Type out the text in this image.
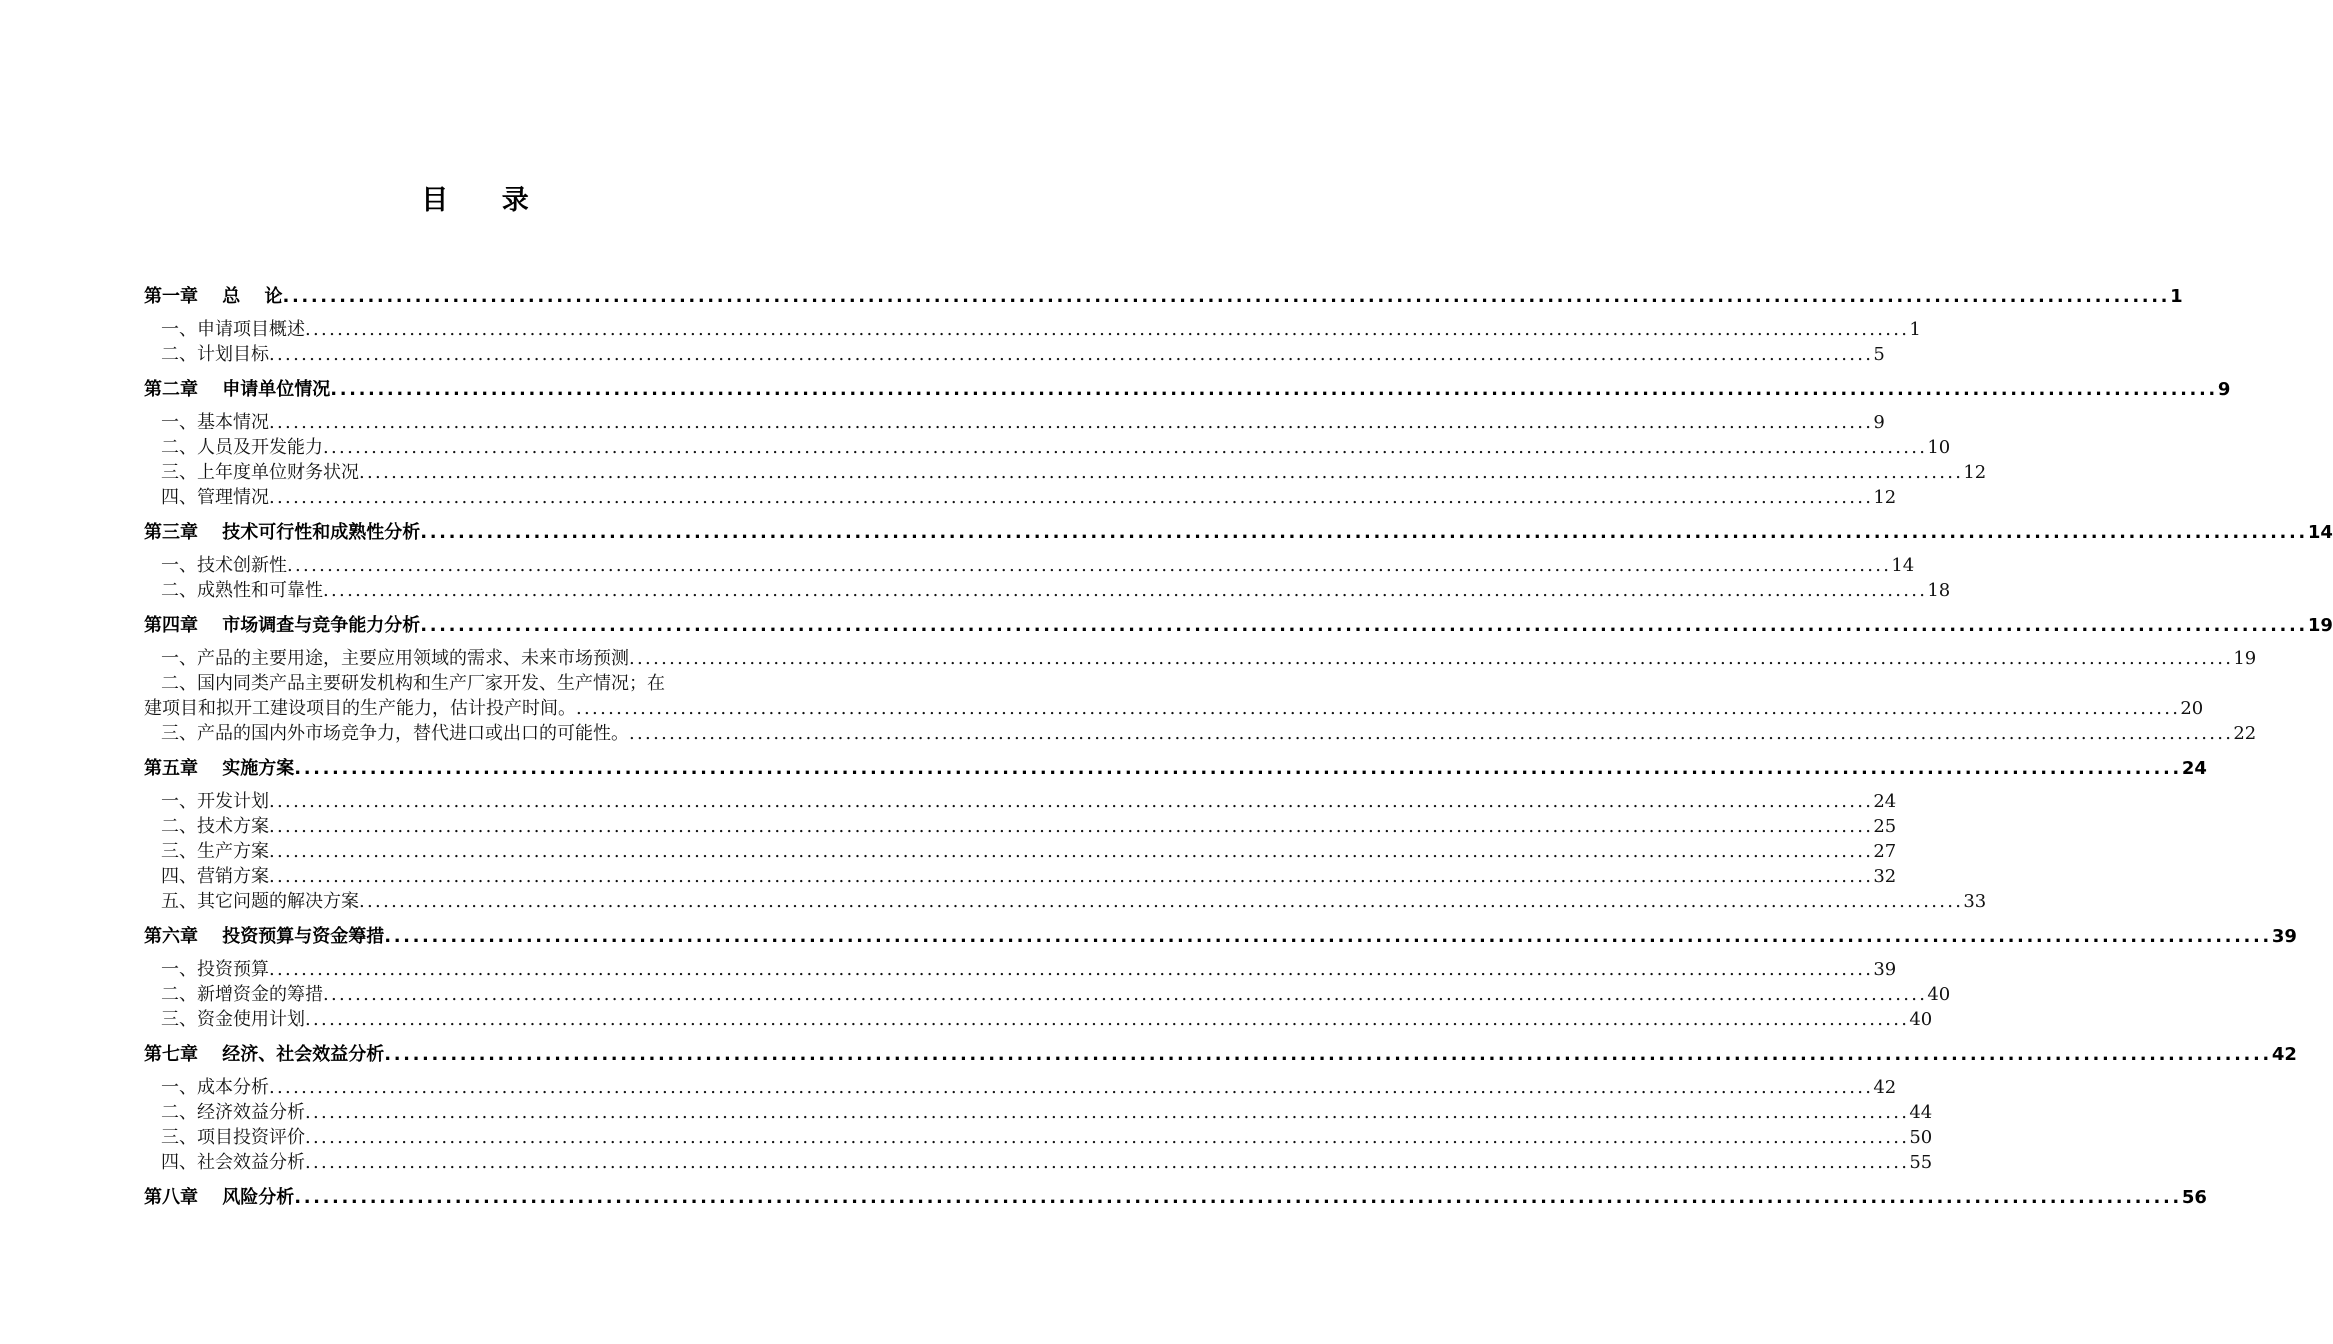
目 录
第一章　 总　 论 ........................................................................................................................................................................................................ 1
一、申请项目概述 ........................................................................................................................................................................................................ 1
二、计划目标 ........................................................................................................................................................................................................ 5
第二章　 申请单位情况 ........................................................................................................................................................................................................ 9
一、基本情况 ........................................................................................................................................................................................................ 9
二、人员及开发能力 ........................................................................................................................................................................................................ 10
三、上年度单位财务状况 ........................................................................................................................................................................................................ 12
四、管理情况 ........................................................................................................................................................................................................ 12
第三章　 技术可行性和成熟性分析 ........................................................................................................................................................................................................ 14
一、技术创新性 ........................................................................................................................................................................................................ 14
二、成熟性和可靠性 ........................................................................................................................................................................................................ 18
第四章　 市场调查与竞争能力分析 ........................................................................................................................................................................................................ 19
一、产品的主要用途，主要应用领域的需求、未来市场预测 ........................................................................................................................................................................................................ 19
二、国内同类产品主要研发机构和生产厂家开发、生产情况；在
建项目和拟开工建设项目的生产能力，估计投产时间。 ........................................................................................................................................................................................................ 20
三、产品的国内外市场竞争力，替代进口或出口的可能性。 ........................................................................................................................................................................................................ 22
第五章　 实施方案 ........................................................................................................................................................................................................ 24
一、开发计划 ........................................................................................................................................................................................................ 24
二、技术方案 ........................................................................................................................................................................................................ 25
三、生产方案 ........................................................................................................................................................................................................ 27
四、营销方案 ........................................................................................................................................................................................................ 32
五、其它问题的解决方案 ........................................................................................................................................................................................................ 33
第六章　 投资预算与资金筹措 ........................................................................................................................................................................................................ 39
一、投资预算 ........................................................................................................................................................................................................ 39
二、新增资金的筹措 ........................................................................................................................................................................................................ 40
三、资金使用计划 ........................................................................................................................................................................................................ 40
第七章　 经济、社会效益分析 ........................................................................................................................................................................................................ 42
一、成本分析 ........................................................................................................................................................................................................ 42
二、经济效益分析 ........................................................................................................................................................................................................ 44
三、项目投资评价 ........................................................................................................................................................................................................ 50
四、社会效益分析 ........................................................................................................................................................................................................ 55
第八章　 风险分析 ........................................................................................................................................................................................................ 56
